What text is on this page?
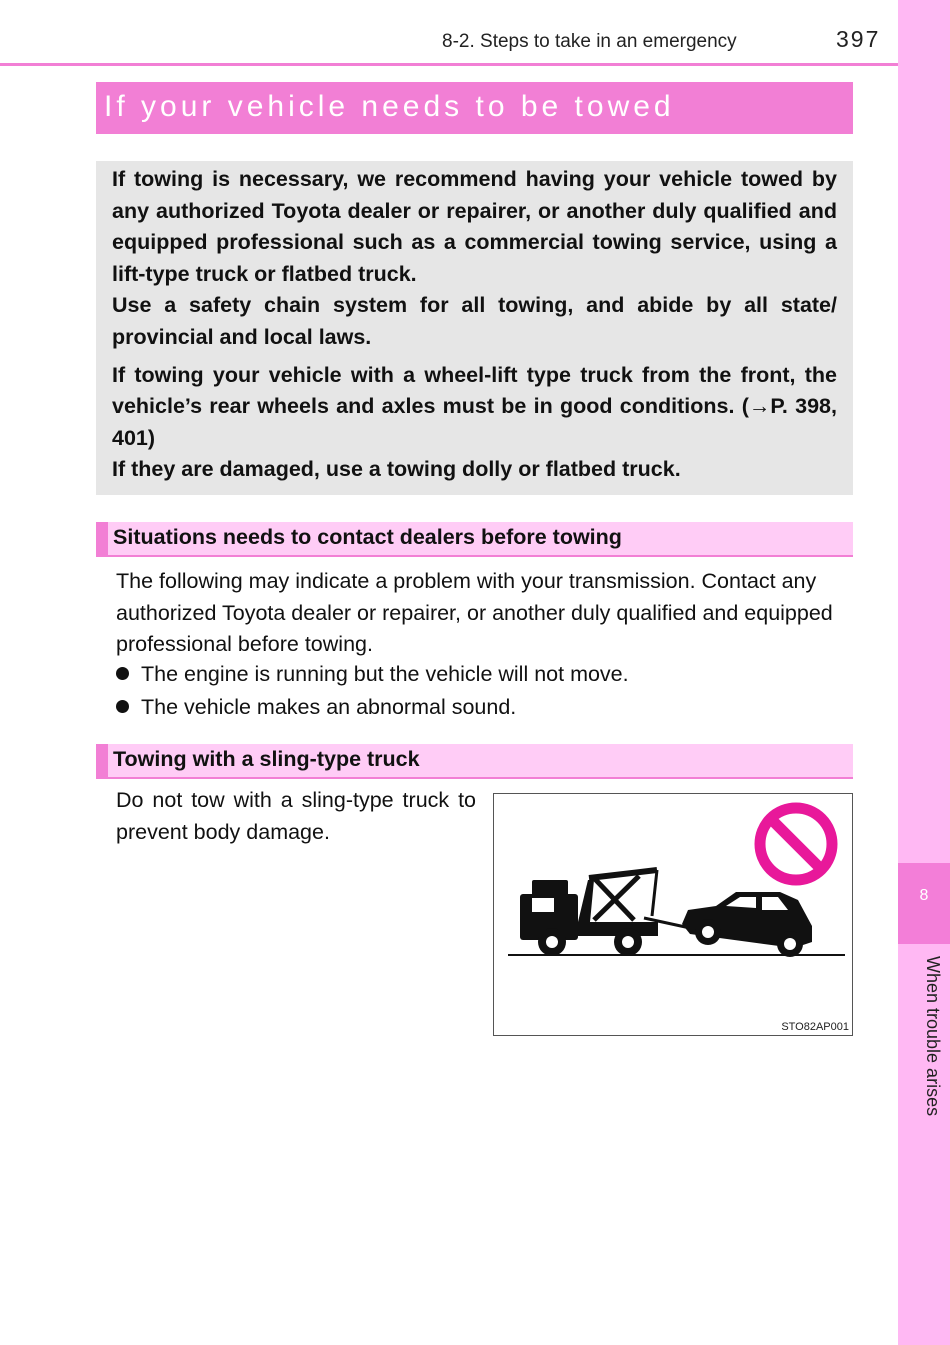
8
When trouble arises
8-2. Steps to take in an emergency	397
If your vehicle needs to be towed

If towing is necessary, we recommend having your vehicle towed by any authorized Toyota dealer or repairer, or another duly qualified and equipped professional such as a commercial towing service, using a lift-type truck or flatbed truck.

Use a safety chain system for all towing, and abide by all state/ provincial and local laws.

If towing your vehicle with a wheel-lift type truck from the front, the vehicle’s rear wheels and axles must be in good conditions. (→P. 398, 401)

If they are damaged, use a towing dolly or flatbed truck.

Situations needs to contact dealers before towing
The following may indicate a problem with your transmission. Contact any authorized Toyota dealer or repairer, or another duly qualified and equipped professional before towing.
The engine is running but the vehicle will not move.
The vehicle makes an abnormal sound.
Towing with a sling-type truck
Do not tow with a sling-type truck to prevent body damage.
STO82AP001
